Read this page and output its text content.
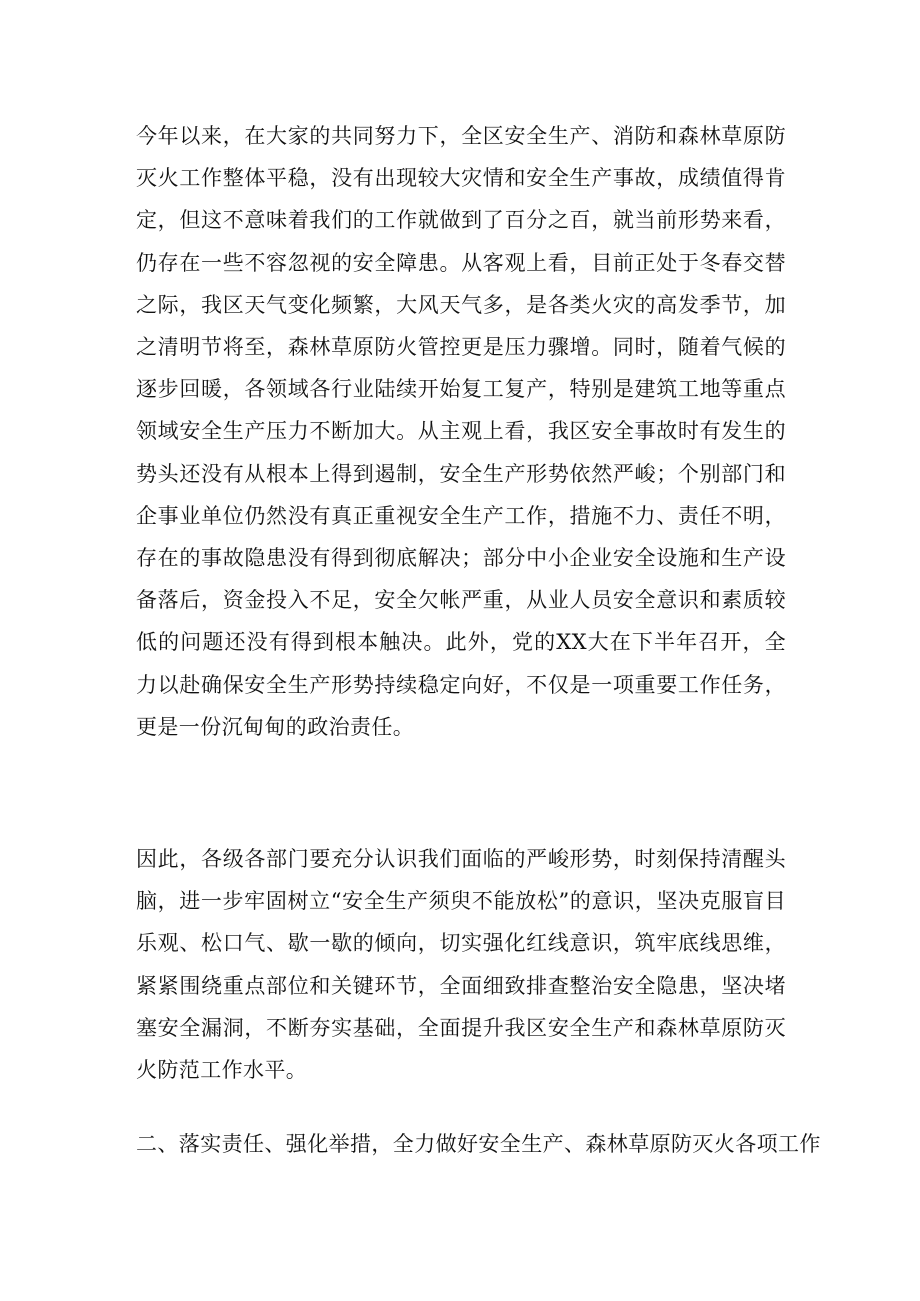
今年以来，在大家的共同努力下，全区安全生产、消防和森林草原防灭火工作整体平稳，没有出现较大灾情和安全生产事故，成绩值得肯定，但这不意味着我们的工作就做到了百分之百，就当前形势来看，仍存在一些不容忽视的安全障患。从客观上看，目前正处于冬春交替之际，我区天气变化频繁，大风天气多，是各类火灾的高发季节，加之清明节将至，森林草原防火管控更是压力骤增。同时，随着气候的逐步回暖，各领域各行业陆续开始复工复产，特别是建筑工地等重点领域安全生产压力不断加大。从主观上看，我区安全事故时有发生的势头还没有从根本上得到遏制，安全生产形势依然严峻；个别部门和企事业单位仍然没有真正重视安全生产工作，措施不力、责任不明，存在的事故隐患没有得到彻底解决；部分中小企业安全设施和生产设备落后，资金投入不足，安全欠帐严重，从业人员安全意识和素质较低的问题还没有得到根本触决。此外，党的XX大在下半年召开，全力以赴确保安全生产形势持续稳定向好，不仅是一项重要工作任务，更是一份沉甸甸的政治责任。

因此，各级各部门要充分认识我们面临的严峻形势，时刻保持清醒头脑，进一步牢固树立“安全生产须臾不能放松”的意识，坚决克服盲目乐观、松口气、歇一歇的倾向，切实强化红线意识，筑牢底线思维，紧紧围绕重点部位和关键环节，全面细致排查整治安全隐患，坚决堵塞安全漏洞，不断夯实基础，全面提升我区安全生产和森林草原防灭火防范工作水平。

二、落实责任、强化举措，全力做好安全生产、森林草原防灭火各项工作
